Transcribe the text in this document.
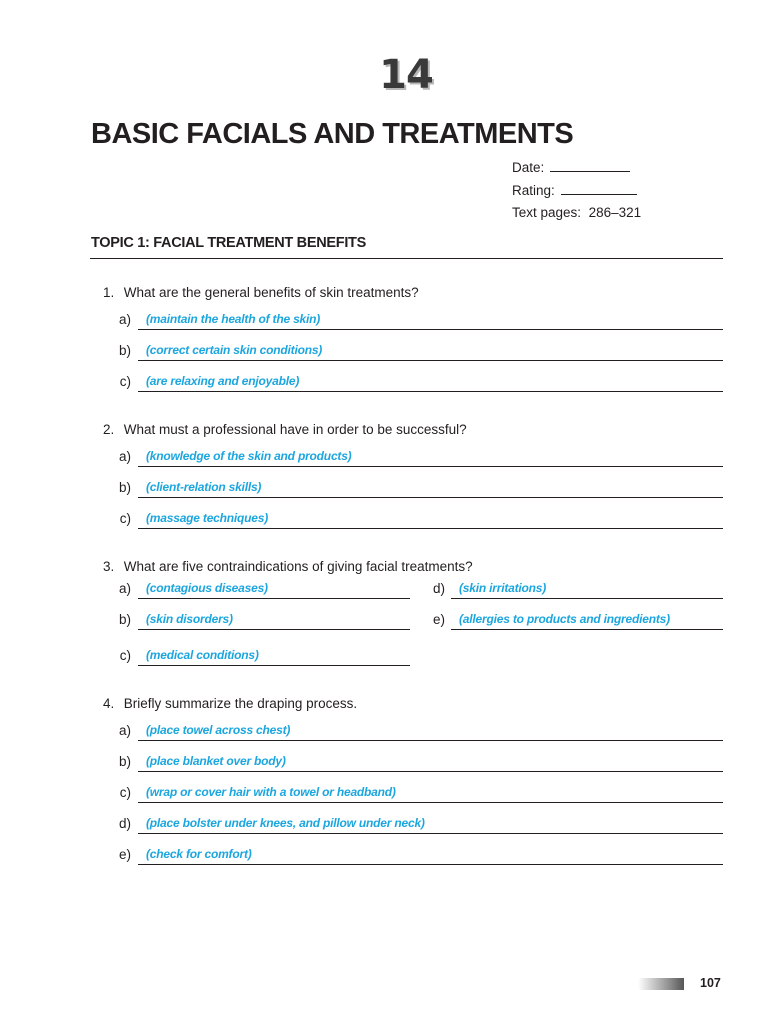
14
BASIC FACIALS AND TREATMENTS
Date:
Rating:
Text pages: 286–321
TOPIC 1: FACIAL TREATMENT BENEFITS
1. What are the general benefits of skin treatments?
a) (maintain the health of the skin)
b) (correct certain skin conditions)
c) (are relaxing and enjoyable)
2. What must a professional have in order to be successful?
a) (knowledge of the skin and products)
b) (client-relation skills)
c) (massage techniques)
3. What are five contraindications of giving facial treatments?
a) (contagious diseases)
b) (skin disorders)
c) (medical conditions)
d) (skin irritations)
e) (allergies to products and ingredients)
4. Briefly summarize the draping process.
a) (place towel across chest)
b) (place blanket over body)
c) (wrap or cover hair with a towel or headband)
d) (place bolster under knees, and pillow under neck)
e) (check for comfort)
107
